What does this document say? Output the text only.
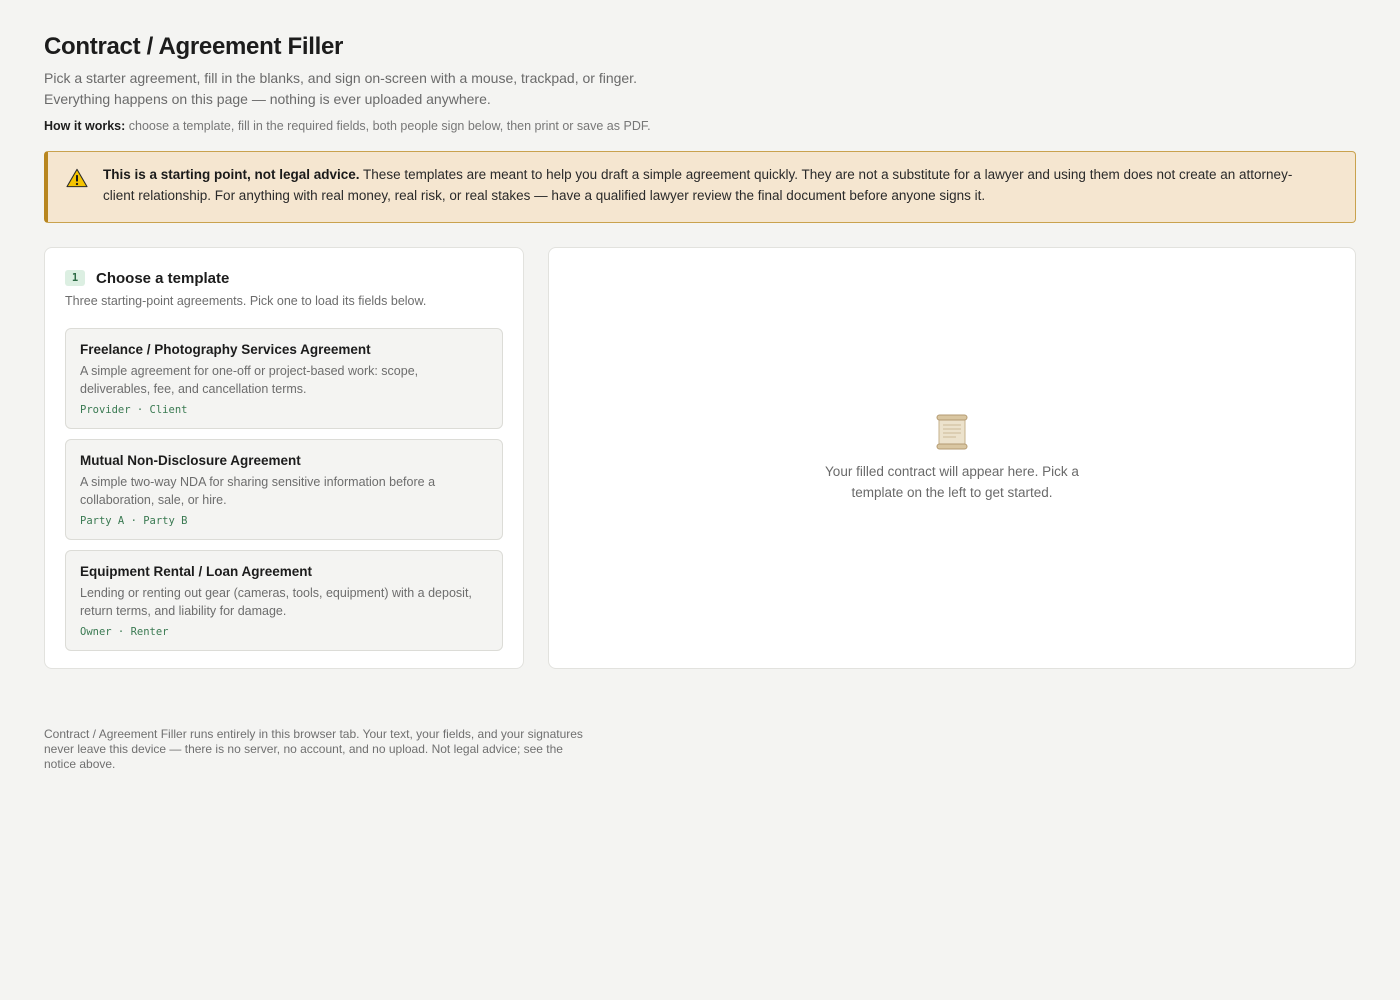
Contract / Agreement Filler

Pick a starter agreement, fill in the blanks, and sign on-screen with a mouse, trackpad, or finger. Everything happens on this page — nothing is ever uploaded anywhere.

How it works: choose a template, fill in the required fields, both people sign below, then print or save as PDF.

This is a starting point, not legal advice. These templates are meant to help you draft a simple agreement quickly. They are not a substitute for a lawyer and using them does not create an attorney-client relationship. For anything with real money, real risk, or real stakes — have a qualified lawyer review the final document before anyone signs it.

1	Choose a template

Three starting-point agreements. Pick one to load its fields below.

Freelance / Photography Services Agreement
A simple agreement for one-off or project-based work: scope, deliverables, fee, and cancellation terms.
Provider · Client
Mutual Non-Disclosure Agreement
A simple two-way NDA for sharing sensitive information before a collaboration, sale, or hire.
Party A · Party B
Equipment Rental / Loan Agreement
Lending or renting out gear (cameras, tools, equipment) with a deposit, return terms, and liability for damage.
Owner · Renter

Your filled contract will appear here. Pick a template on the left to get started.

Contract / Agreement Filler runs entirely in this browser tab. Your text, your fields, and your signatures never leave this device — there is no server, no account, and no upload. Not legal advice; see the notice above.
